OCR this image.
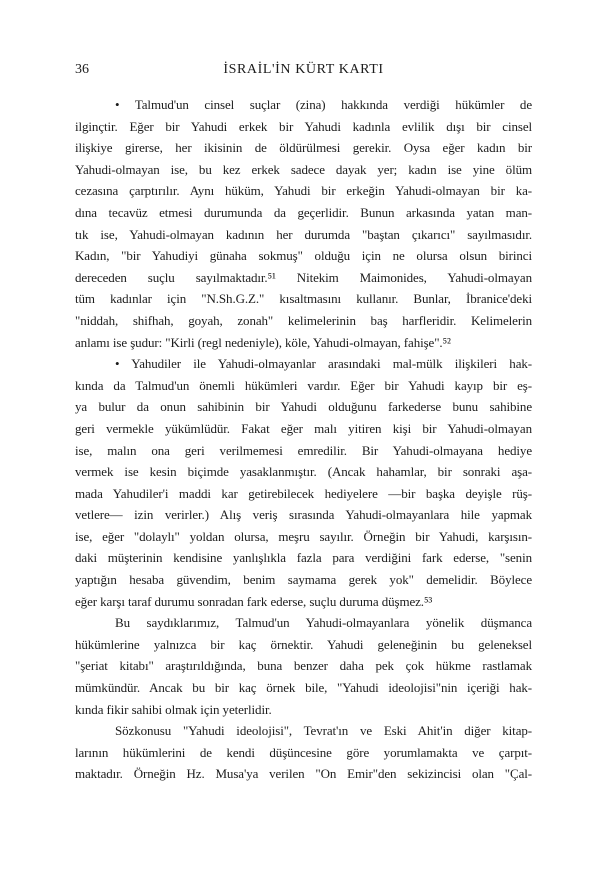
36	İSRAİL'İN KÜRT KARTI
• Talmud'un cinsel suçlar (zina) hakkında verdiği hükümler de
ilginçtir. Eğer bir Yahudi erkek bir Yahudi kadınla evlilik dışı bir cinsel
ilişkiye girerse, her ikisinin de öldürülmesi gerekir. Oysa eğer kadın bir
Yahudi-olmayan ise, bu kez erkek sadece dayak yer; kadın ise yine ölüm
cezasına çarptırılır. Aynı hüküm, Yahudi bir erkeğin Yahudi-olmayan bir ka-
dına tecavüz etmesi durumunda da geçerlidir. Bunun arkasında yatan man-
tık ise, Yahudi-olmayan kadının her durumda "baştan çıkarıcı" sayılmasıdır.
Kadın, "bir Yahudiyi günaha sokmuş" olduğu için ne olursa olsun birinci
dereceden suçlu sayılmaktadır.⁵¹ Nitekim Maimonides, Yahudi-olmayan
tüm kadınlar için "N.Sh.G.Z." kısaltmasını kullanır. Bunlar, İbranice'deki
"niddah, shifhah, goyah, zonah" kelimelerinin baş harfleridir. Kelimelerin
anlamı ise şudur: "Kirli (regl nedeniyle), köle, Yahudi-olmayan, fahişe".⁵²
• Yahudiler ile Yahudi-olmayanlar arasındaki mal-mülk ilişkileri hak-
kında da Talmud'un önemli hükümleri vardır. Eğer bir Yahudi kayıp bir eş-
ya bulur da onun sahibinin bir Yahudi olduğunu farkederse bunu sahibine
geri vermekle yükümlüdür. Fakat eğer malı yitiren kişi bir Yahudi-olmayan
ise, malın ona geri verilmemesi emredilir. Bir Yahudi-olmayana hediye
vermek ise kesin biçimde yasaklanmıştır. (Ancak hahamlar, bir sonraki aşa-
mada Yahudiler'i maddi kar getirebilecek hediyelere —bir başka deyişle rüş-
vetlere— izin verirler.) Alış veriş sırasında Yahudi-olmayanlara hile yapmak
ise, eğer "dolaylı" yoldan olursa, meşru sayılır. Örneğin bir Yahudi, karşısın-
daki müşterinin kendisine yanlışlıkla fazla para verdiğini fark ederse, "senin
yaptığın hesaba güvendim, benim saymama gerek yok" demelidir. Böylece
eğer karşı taraf durumu sonradan fark ederse, suçlu duruma düşmez.⁵³
Bu saydıklarımız, Talmud'un Yahudi-olmayanlara yönelik düşmanca
hükümlerine yalnızca bir kaç örnektir. Yahudi geleneğinin bu geleneksel
"şeriat kitabı" araştırıldığında, buna benzer daha pek çok hükme rastlamak
mümkündür. Ancak bu bir kaç örnek bile, "Yahudi ideolojisi"nin içeriği hak-
kında fikir sahibi olmak için yeterlidir.
Sözkonusu "Yahudi ideolojisi", Tevrat'ın ve Eski Ahit'in diğer kitap-
larının hükümlerini de kendi düşüncesine göre yorumlamakta ve çarpıt-
maktadır. Örneğin Hz. Musa'ya verilen "On Emir"den sekizincisi olan "Çal-
